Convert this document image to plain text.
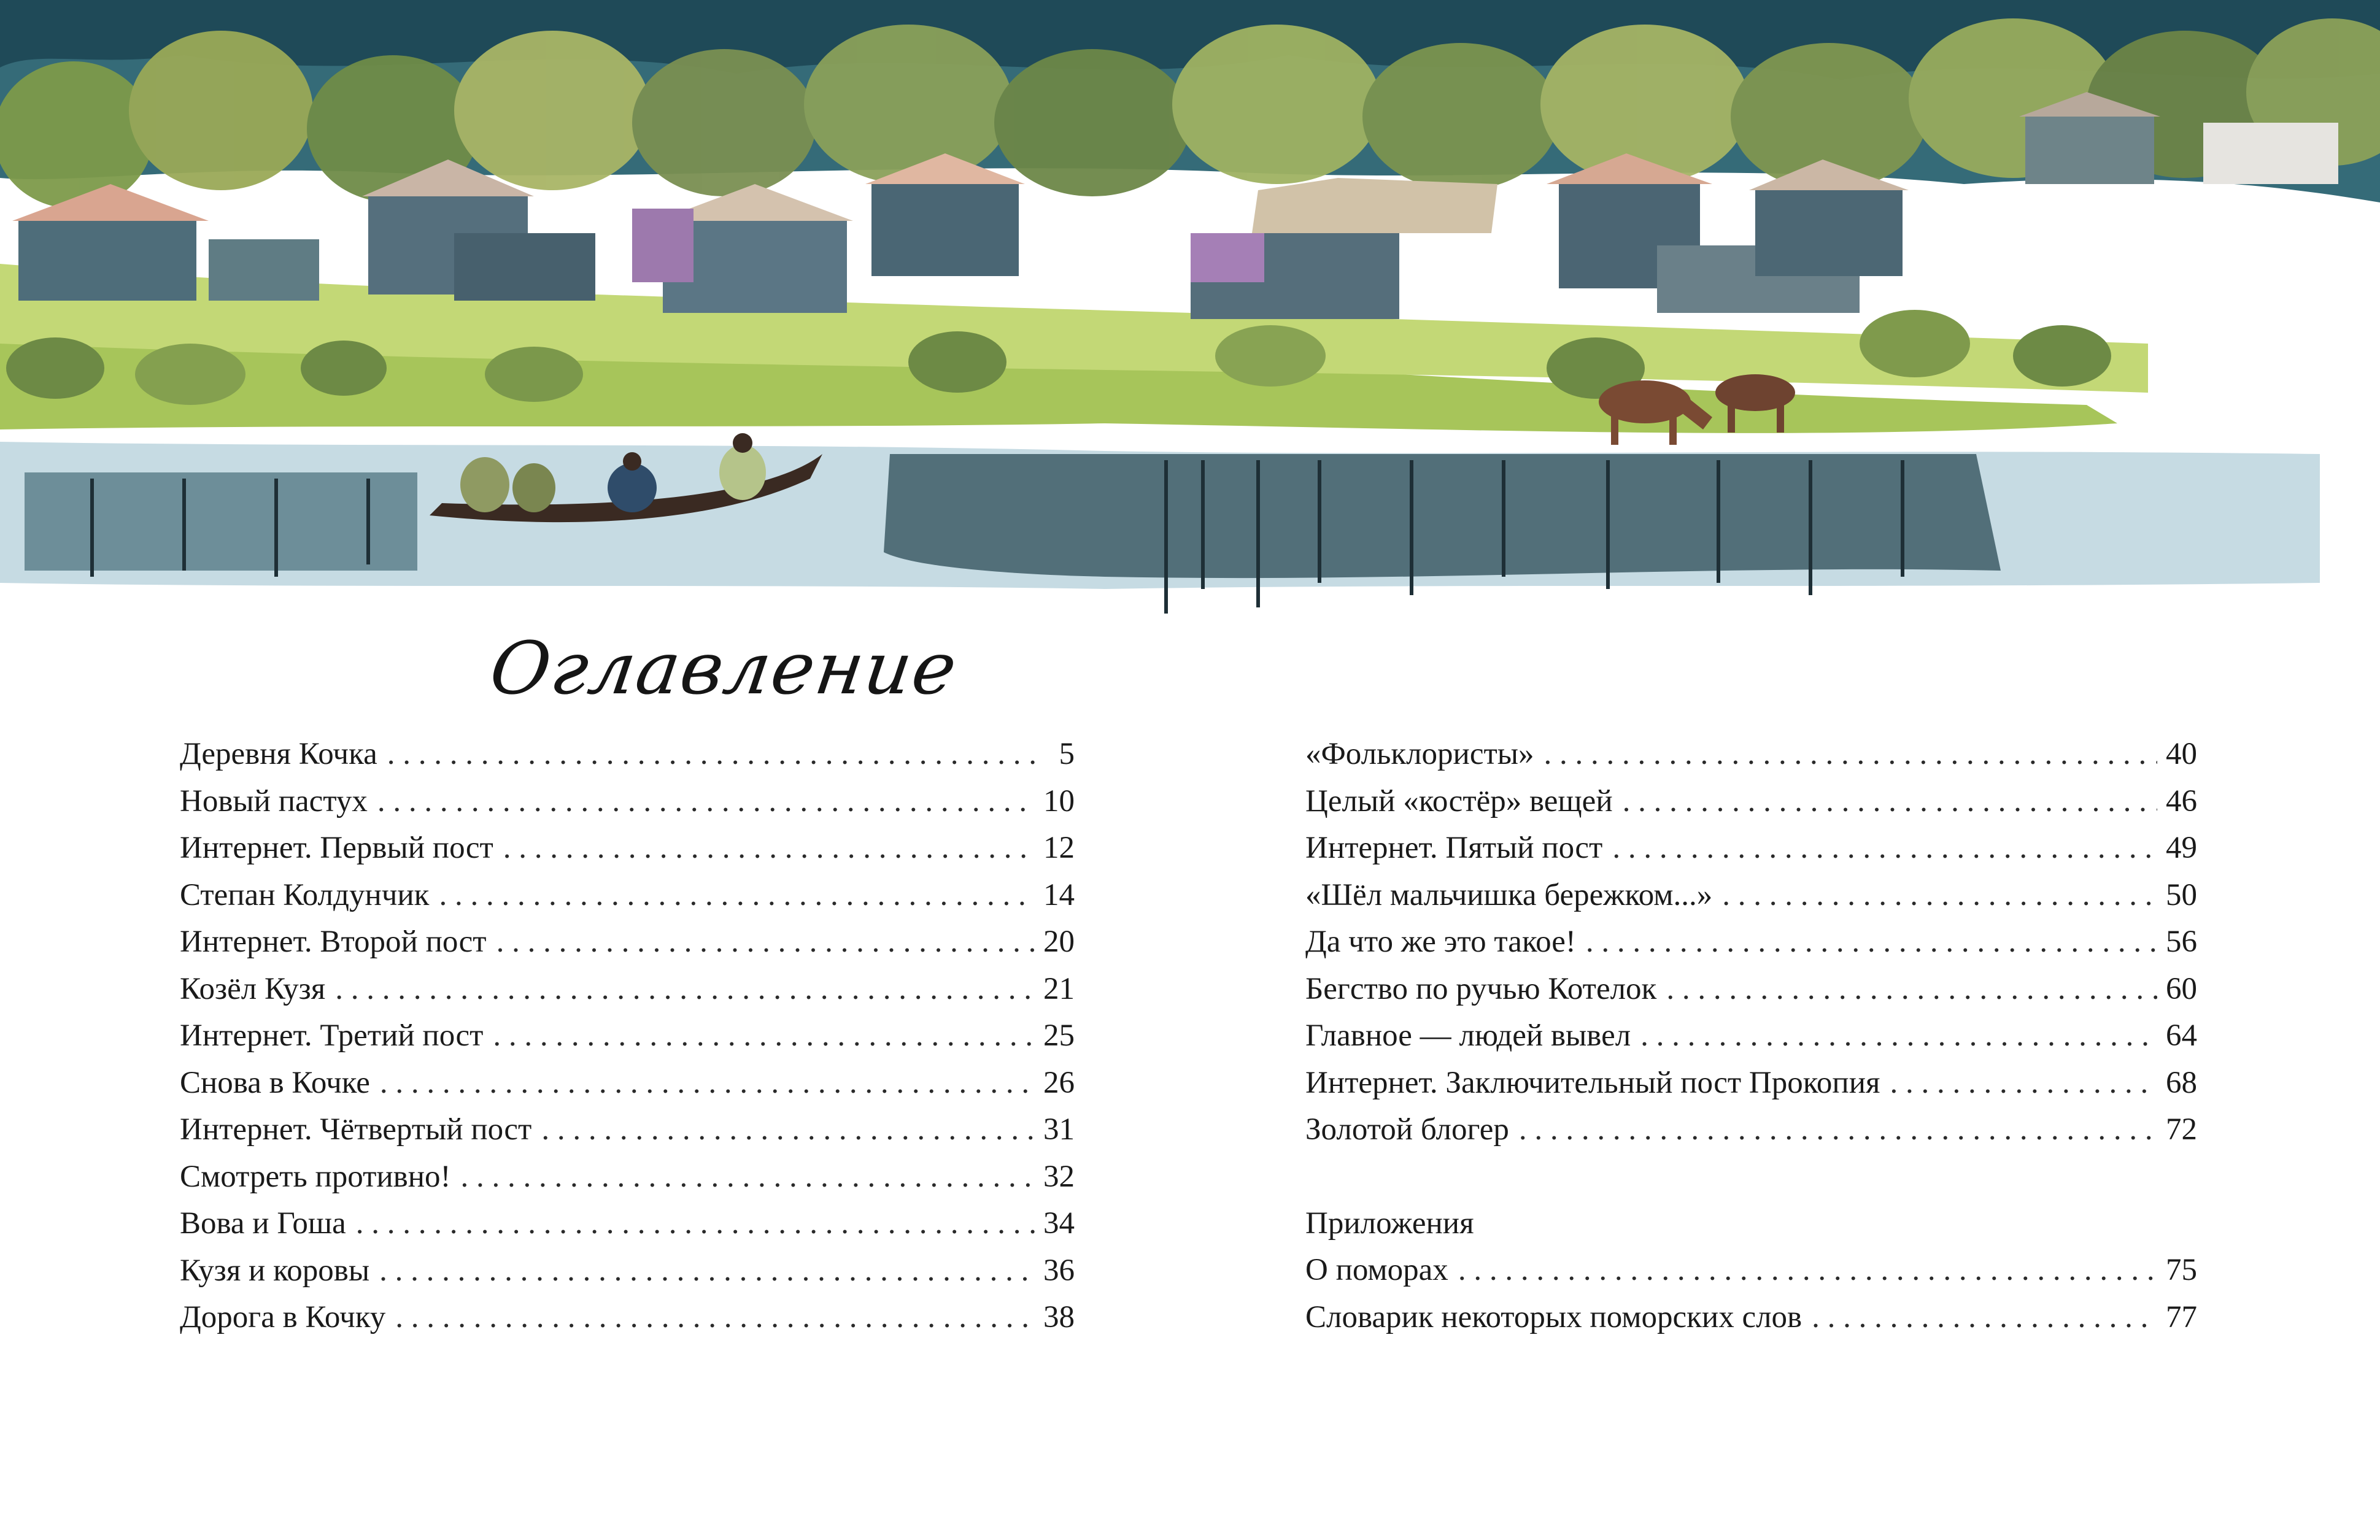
Оглавление
Деревня Кочка . . .	5
Новый пастух . . .	10
Интернет. Первый пост . . .	12
Степан Колдунчик . . .	14
Интернет. Второй пост . . .	20
Козёл Кузя . . .	21
Интернет. Третий пост . . .	25
Снова в Кочке . . .	26
Интернет. Чётвертый пост . . .	31
Смотреть противно! . . .	32
Вова и Гоша . . .	34
Кузя и коровы . . .	36
Дорога в Кочку . . .	38
«Фольклористы» . . .	40
Целый «костёр» вещей . . .	46
Интернет. Пятый пост . . .	49
«Шёл мальчишка бережком...» . . .	50
Да что же это такое! . . .	56
Бегство по ручью Котелок . . .	60
Главное — людей вывел . . .	64
Интернет. Заключительный пост Прокопия . . .	68
Золотой блогер . . .	72
Приложения
О поморах . . .	75
Словарик некоторых поморских слов . . .	77
